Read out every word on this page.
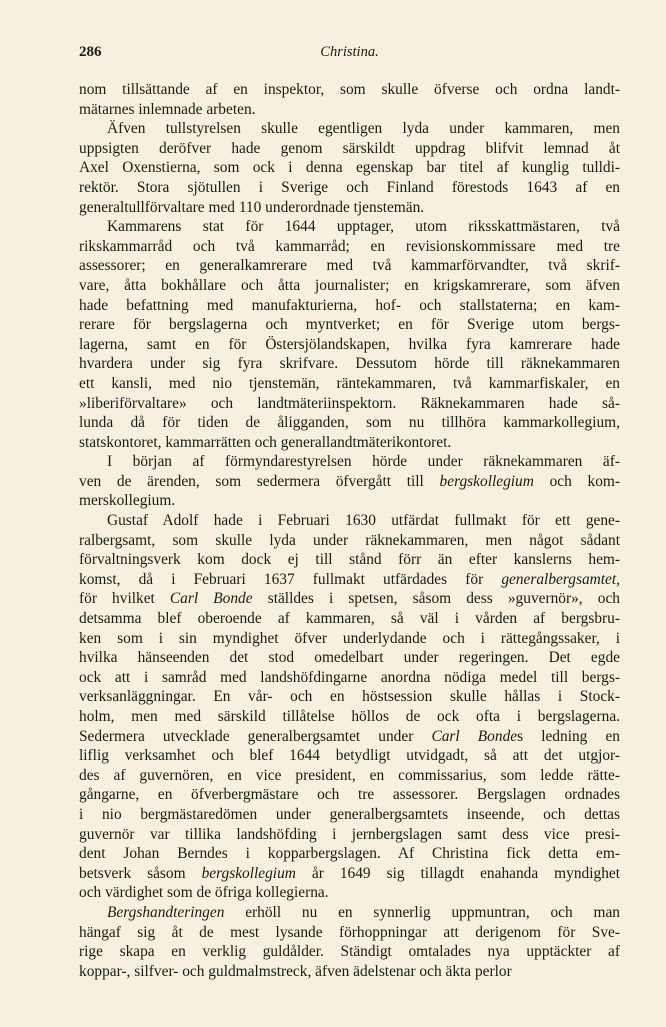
286	Christina.

nom tillsättande af en inspektor, som skulle öfverse och ordna landt-
mätarnes inlemnade arbeten.

Äfven tullstyrelsen skulle egentligen lyda under kammaren, men
uppsigten deröfver hade genom särskildt uppdrag blifvit lemnad åt
Axel Oxenstierna, som ock i denna egenskap bar titel af kunglig tulldi-
rektör. Stora sjötullen i Sverige och Finland förestods 1643 af en
generaltullförvaltare med 110 underordnade tjenstemän.

Kammarens stat för 1644 upptager, utom riksskattmästaren, två
rikskammarråd och två kammarråd; en revisionskommissare med tre
assessorer; en generalkamrerare med två kammarförvandter, två skrif-
vare, åtta bokhållare och åtta journalister; en krigskamrerare, som äfven
hade befattning med manufakturierna, hof- och stallstaterna; en kam-
rerare för bergslagerna och myntverket; en för Sverige utom bergs-
lagerna, samt en för Östersjölandskapen, hvilka fyra kamrerare hade
hvardera under sig fyra skrifvare. Dessutom hörde till räknekammaren
ett kansli, med nio tjenstemän, räntekammaren, två kammarfiskaler, en
»liberiförvaltare» och landtmäteriinspektorn. Räknekammaren hade så-
lunda då för tiden de åligganden, som nu tillhöra kammarkollegium,
statskontoret, kammarrätten och generallandtmäterikontoret.

I början af förmyndarestyrelsen hörde under räknekammaren äf-
ven de ärenden, som sedermera öfvergått till bergskollegium och kom-
merskollegium.

Gustaf Adolf hade i Februari 1630 utfärdat fullmakt för ett gene-
ralbergsamt, som skulle lyda under räknekammaren, men något sådant
förvaltningsverk kom dock ej till stånd förr än efter kanslerns hem-
komst, då i Februari 1637 fullmakt utfärdades för generalbergsamtet,
för hvilket Carl Bonde ställdes i spetsen, såsom dess »guvernör», och
detsamma blef oberoende af kammaren, så väl i vården af bergsbru-
ken som i sin myndighet öfver underlydande och i rättegångssaker, i
hvilka hänseenden det stod omedelbart under regeringen. Det egde
ock att i samråd med landshöfdingarne anordna nödiga medel till bergs-
verksanläggningar. En vår- och en höstsession skulle hållas i Stock-
holm, men med särskild tillåtelse höllos de ock ofta i bergslagerna.
Sedermera utvecklade generalbergsamtet under Carl Bondes ledning en
liflig verksamhet och blef 1644 betydligt utvidgadt, så att det utgjor-
des af guvernören, en vice president, en commissarius, som ledde rätte-
gångarne, en öfverbergmästare och tre assessorer. Bergslagen ordnades
i nio bergmästaredömen under generalbergsamtets inseende, och dettas
guvernör var tillika landshöfding i jernbergslagen samt dess vice presi-
dent Johan Berndes i kopparbergslagen. Af Christina fick detta em-
betsverk såsom bergskollegium år 1649 sig tillagdt enahanda myndighet
och värdighet som de öfriga kollegierna.

Bergshandteringen erhöll nu en synnerlig uppmuntran, och man
hängaf sig åt de mest lysande förhoppningar att derigenom för Sve-
rige skapa en verklig guldålder. Ständigt omtalades nya upptäckter af
koppar-, silfver- och guldmalmstreck, äfven ädelstenar och äkta perlor
